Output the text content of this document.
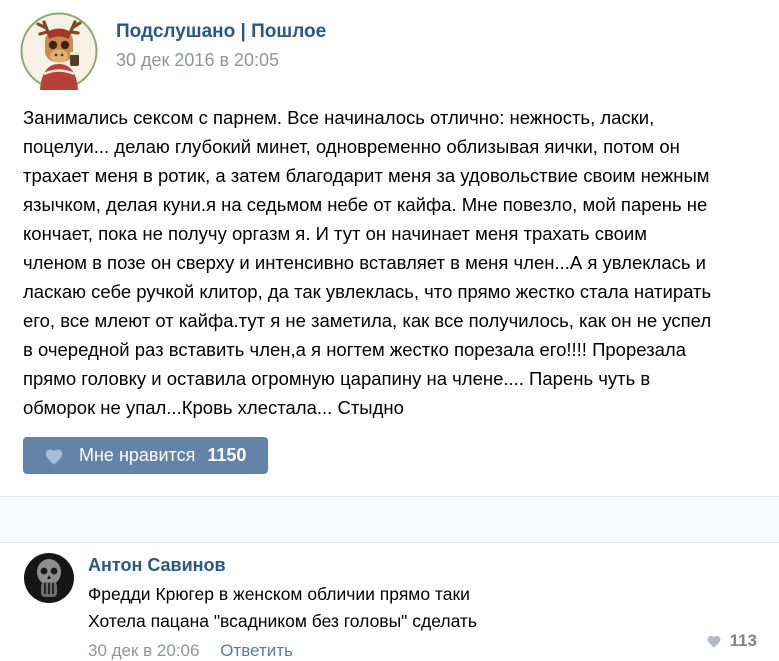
Подслушано | Пошлое
30 дек 2016 в 20:05
Занимались сексом с парнем. Все начиналось отлично: нежность, ласки, поцелуи... делаю глубокий минет, одновременно облизывая яички, потом он трахает меня в ротик, а затем благодарит меня за удовольствие своим нежным язычком, делая куни.я на седьмом небе от кайфа. Мне повезло, мой парень не кончает, пока не получу оргазм я. И тут он начинает меня трахать своим членом в позе он сверху и интенсивно вставляет в меня член...А я увлеклась и ласкаю себе ручкой клитор, да так увлеклась, что прямо жестко стала натирать его, все млеют от кайфа.тут я не заметила, как все получилось, как он не успел в очередной раз вставить член,а я ногтем жестко порезала его!!!! Прорезала прямо головку и оставила огромную царапину на члене.... Парень чуть в обморок не упал...Кровь хлестала... Стыдно
Мне нравится 1150
Антон Савинов
Фредди Крюгер в женском обличии прямо таки
Хотела пацана "всадником без головы" сделать
30 дек в 20:06 Ответить
113
